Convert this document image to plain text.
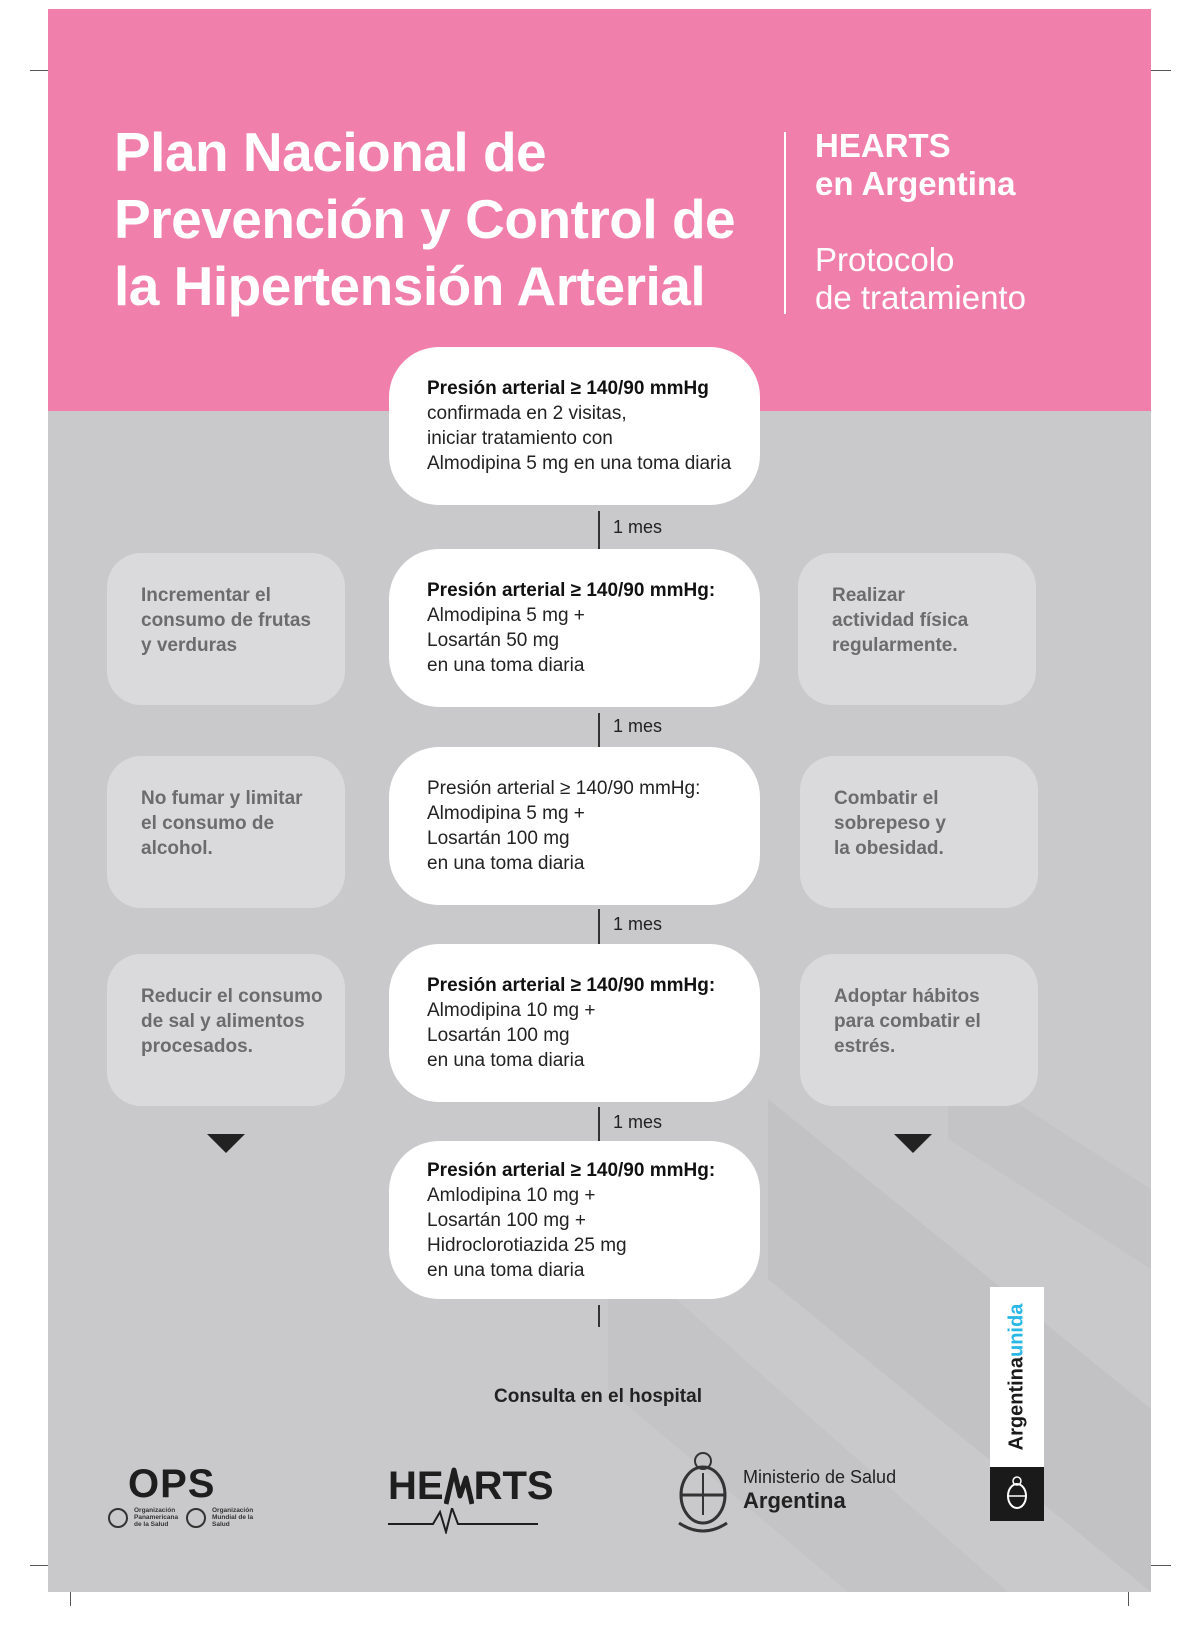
Plan Nacional de
Prevención y Control de
la Hipertensión Arterial
HEARTS
en Argentina
Protocolo
de tratamiento
1 mes
1 mes
1 mes
1 mes
Presión arterial ≥ 140/90 mmHg
confirmada en 2 visitas,
iniciar tratamiento con
Almodipina 5 mg en una toma diaria
Presión arterial ≥ 140/90 mmHg:
Almodipina 5 mg +
Losartán 50 mg
en una toma diaria
Presión arterial ≥ 140/90 mmHg:
Almodipina 5 mg +
Losartán 100 mg
en una toma diaria
Presión arterial ≥ 140/90 mmHg:
Almodipina 10 mg +
Losartán 100 mg
en una toma diaria
Presión arterial ≥ 140/90 mmHg:
Amlodipina 10 mg +
Losartán 100 mg +
Hidroclorotiazida 25 mg
en una toma diaria
Consulta en el hospital
Incrementar el
consumo de frutas
y verduras
No fumar y limitar
el consumo de
alcohol.
Reducir el consumo
de sal y alimentos
procesados.
Realizar
actividad física
regularmente.
Combatir el
sobrepeso y
la obesidad.
Adoptar hábitos
para combatir el
estrés.
OPS
Organización Panamericana de la Salud
Organización Mundial de la Salud
HE RTS	Ministerio de Salud
Argentina
Argentinaunida
